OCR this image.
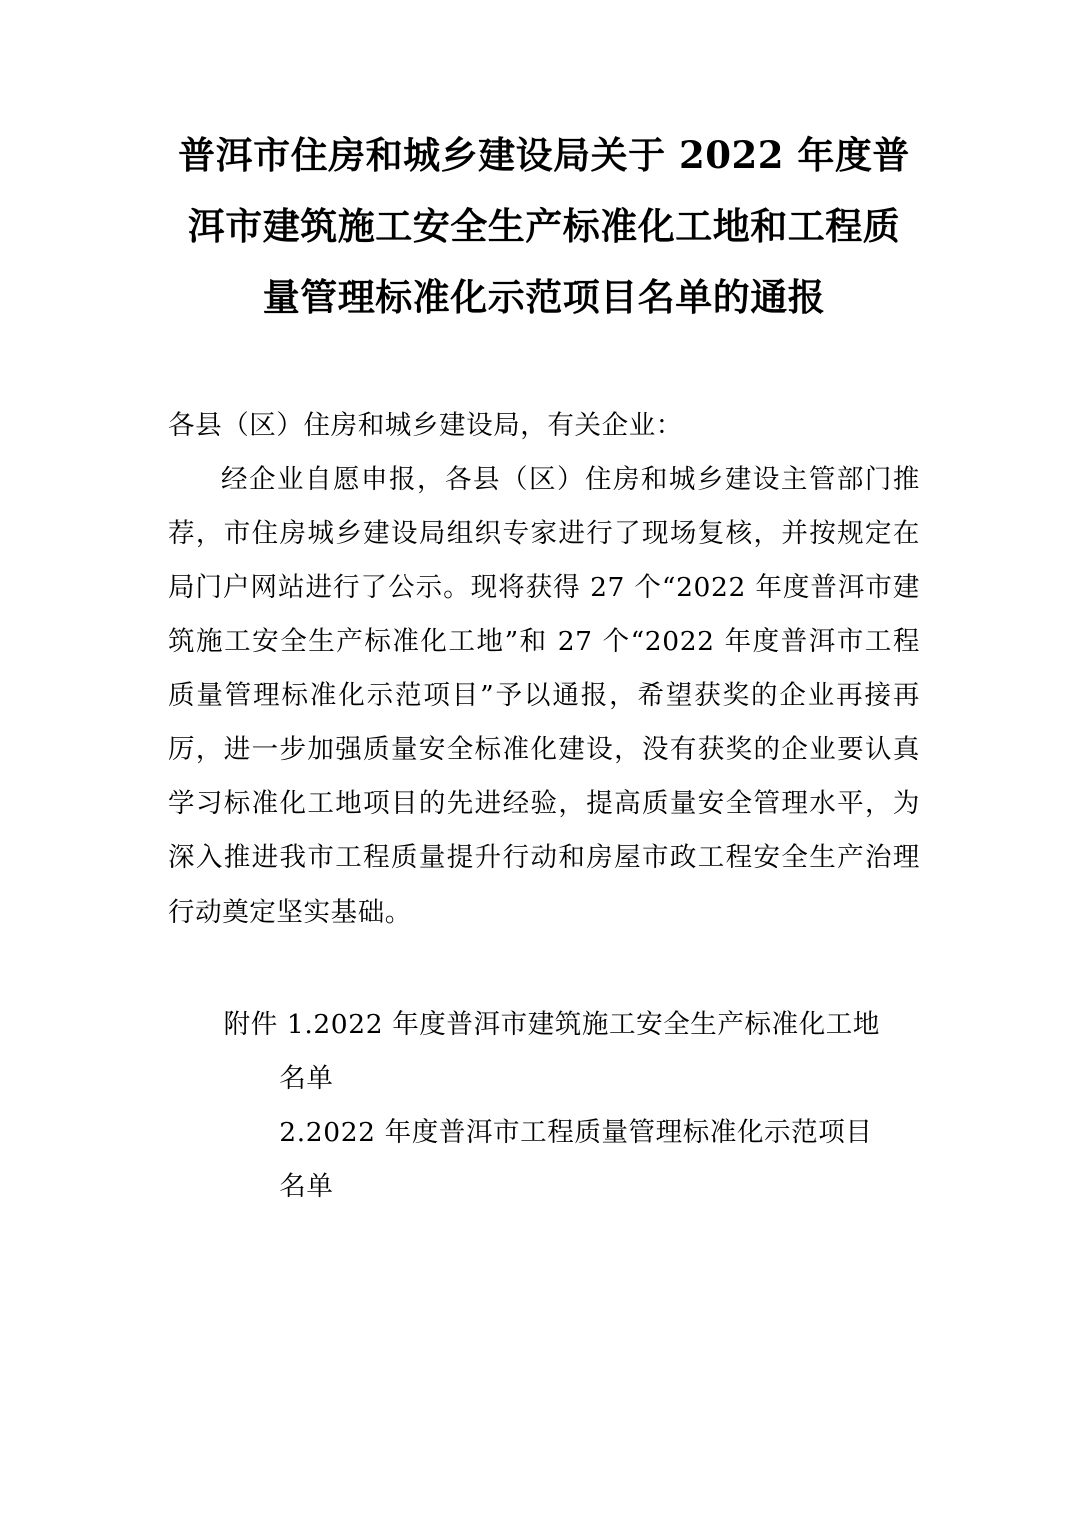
普洱市住房和城乡建设局关于 2022 年度普洱市建筑施工安全生产标准化工地和工程质量管理标准化示范项目名单的通报

各县（区）住房和城乡建设局，有关企业：

经企业自愿申报，各县（区）住房和城乡建设主管部门推荐，市住房城乡建设局组织专家进行了现场复核，并按规定在局门户网站进行了公示。现将获得 27 个“2022 年度普洱市建筑施工安全生产标准化工地”和 27 个“2022 年度普洱市工程质量管理标准化示范项目”予以通报，希望获奖的企业再接再厉，进一步加强质量安全标准化建设，没有获奖的企业要认真学习标准化工地项目的先进经验，提高质量安全管理水平，为深入推进我市工程质量提升行动和房屋市政工程安全生产治理行动奠定坚实基础。

附件 1.2022 年度普洱市建筑施工安全生产标准化工地

名单

2.2022 年度普洱市工程质量管理标准化示范项目

名单
